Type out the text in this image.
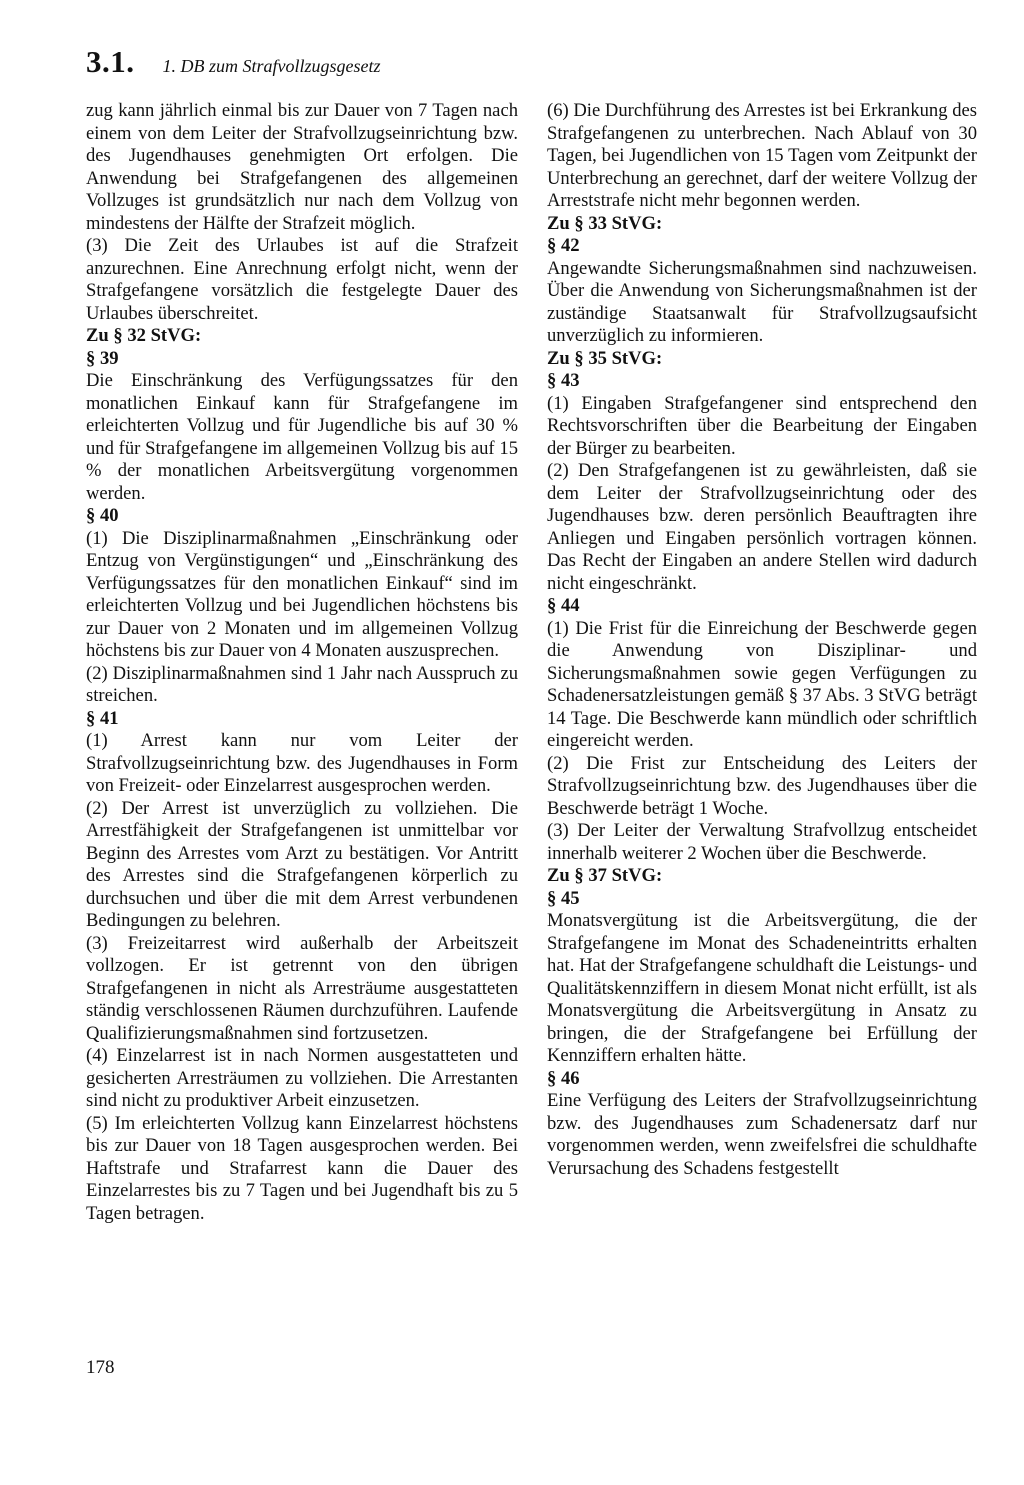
3.1. 1. DB zum Strafvollzugsgesetz

zug kann jährlich einmal bis zur Dauer von 7 Tagen nach einem von dem Leiter der Strafvollzugseinrichtung bzw. des Jugendhauses genehmigten Ort erfolgen. Die Anwendung bei Strafgefangenen des allgemeinen Vollzuges ist grundsätzlich nur nach dem Vollzug von mindestens der Hälfte der Strafzeit möglich.

(3) Die Zeit des Urlaubes ist auf die Strafzeit anzurechnen. Eine Anrechnung erfolgt nicht, wenn der Strafgefangene vorsätzlich die festgelegte Dauer des Urlaubes überschreitet.

Zu § 32 StVG:

§ 39

Die Einschränkung des Verfügungssatzes für den monatlichen Einkauf kann für Strafgefangene im erleichterten Vollzug und für Jugendliche bis auf 30 % und für Strafgefangene im allgemeinen Vollzug bis auf 15 % der monatlichen Arbeitsvergütung vorgenommen werden.

§ 40

(1) Die Disziplinarmaßnahmen „Einschränkung oder Entzug von Vergünstigungen“ und „Einschränkung des Verfügungssatzes für den monatlichen Einkauf“ sind im erleichterten Vollzug und bei Jugendlichen höchstens bis zur Dauer von 2 Monaten und im allgemeinen Vollzug höchstens bis zur Dauer von 4 Monaten auszusprechen.

(2) Disziplinarmaßnahmen sind 1 Jahr nach Ausspruch zu streichen.

§ 41

(1) Arrest kann nur vom Leiter der Strafvollzugseinrichtung bzw. des Jugendhauses in Form von Freizeit- oder Einzelarrest ausgesprochen werden.

(2) Der Arrest ist unverzüglich zu vollziehen. Die Arrestfähigkeit der Strafgefangenen ist unmittelbar vor Beginn des Arrestes vom Arzt zu bestätigen. Vor Antritt des Arrestes sind die Strafgefangenen körperlich zu durchsuchen und über die mit dem Arrest verbundenen Bedingungen zu belehren.

(3) Freizeitarrest wird außerhalb der Arbeitszeit vollzogen. Er ist getrennt von den übrigen Strafgefangenen in nicht als Arresträume ausgestatteten ständig verschlossenen Räumen durchzuführen. Laufende Qualifizierungsmaßnahmen sind fortzusetzen.

(4) Einzelarrest ist in nach Normen ausgestatteten und gesicherten Arresträumen zu vollziehen. Die Arrestanten sind nicht zu produktiver Arbeit einzusetzen.

(5) Im erleichterten Vollzug kann Einzelarrest höchstens bis zur Dauer von 18 Tagen ausgesprochen werden. Bei Haftstrafe und Strafarrest kann die Dauer des Einzelarrestes bis zu 7 Tagen und bei Jugendhaft bis zu 5 Tagen betragen.

(6) Die Durchführung des Arrestes ist bei Erkrankung des Strafgefangenen zu unterbrechen. Nach Ablauf von 30 Tagen, bei Jugendlichen von 15 Tagen vom Zeitpunkt der Unterbrechung an gerechnet, darf der weitere Vollzug der Arreststrafe nicht mehr begonnen werden.

Zu § 33 StVG:

§ 42

Angewandte Sicherungsmaßnahmen sind nachzuweisen. Über die Anwendung von Sicherungsmaßnahmen ist der zuständige Staatsanwalt für Strafvollzugsaufsicht unverzüglich zu informieren.

Zu § 35 StVG:

§ 43

(1) Eingaben Strafgefangener sind entsprechend den Rechtsvorschriften über die Bearbeitung der Eingaben der Bürger zu bearbeiten.

(2) Den Strafgefangenen ist zu gewährleisten, daß sie dem Leiter der Strafvollzugseinrichtung oder des Jugendhauses bzw. deren persönlich Beauftragten ihre Anliegen und Eingaben persönlich vortragen können. Das Recht der Eingaben an andere Stellen wird dadurch nicht eingeschränkt.

§ 44

(1) Die Frist für die Einreichung der Beschwerde gegen die Anwendung von Disziplinar- und Sicherungsmaßnahmen sowie gegen Verfügungen zu Schadenersatzleistungen gemäß § 37 Abs. 3 StVG beträgt 14 Tage. Die Beschwerde kann mündlich oder schriftlich eingereicht werden.

(2) Die Frist zur Entscheidung des Leiters der Strafvollzugseinrichtung bzw. des Jugendhauses über die Beschwerde beträgt 1 Woche.

(3) Der Leiter der Verwaltung Strafvollzug entscheidet innerhalb weiterer 2 Wochen über die Beschwerde.

Zu § 37 StVG:

§ 45

Monatsvergütung ist die Arbeitsvergütung, die der Strafgefangene im Monat des Schadeneintritts erhalten hat. Hat der Strafgefangene schuldhaft die Leistungs- und Qualitätskennziffern in diesem Monat nicht erfüllt, ist als Monatsvergütung die Arbeitsvergütung in Ansatz zu bringen, die der Strafgefangene bei Erfüllung der Kennziffern erhalten hätte.

§ 46

Eine Verfügung des Leiters der Strafvollzugseinrichtung bzw. des Jugendhauses zum Schadenersatz darf nur vorgenommen werden, wenn zweifelsfrei die schuldhafte Verursachung des Schadens festgestellt

178
